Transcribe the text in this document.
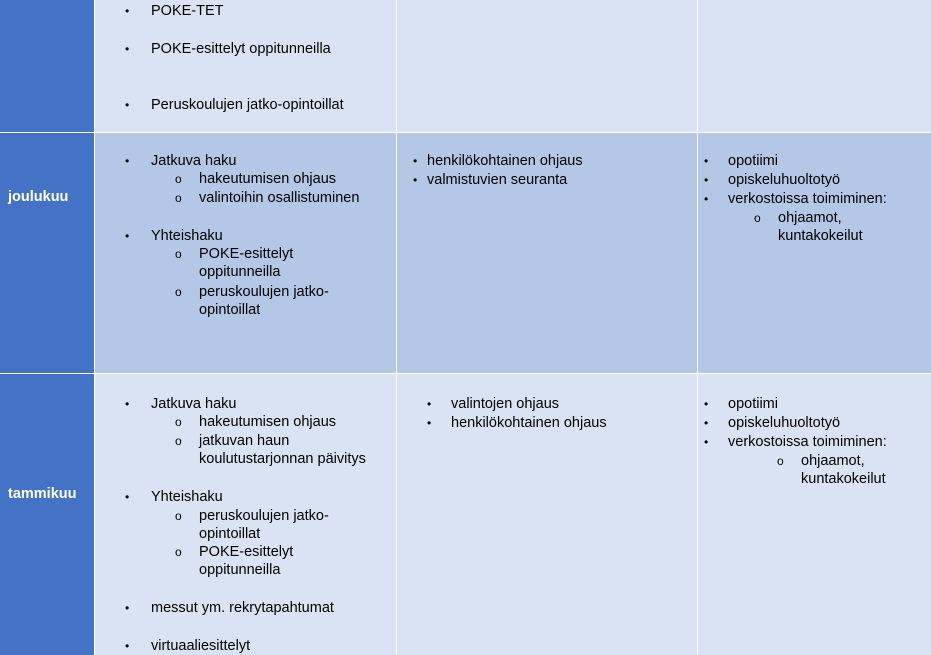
• POKE-TET
• POKE-esittelyt oppitunneilla
• Peruskoulujen jatko-opintoillat
joulukuu
• Jatkuva haku
o hakeutumisen ohjaus
o valintoihin osallistuminen
• Yhteishaku
o POKE-esittelyt
oppitunneilla
o peruskoulujen jatko-
opintoillat
• henkilökohtainen ohjaus
• valmistuvien seuranta
• opotiimi
• opiskeluhuoltotyö
• verkostoissa toimiminen:
o ohjaamot,
kuntakokeilut
tammikuu
• Jatkuva haku
o hakeutumisen ohjaus
o jatkuvan haun
koulutustarjonnan päivitys
• Yhteishaku
o peruskoulujen jatko-
opintoillat
o POKE-esittelyt
oppitunneilla
• messut ym. rekrytapahtumat
• virtuaaliesittelyt
• valintojen ohjaus
• henkilökohtainen ohjaus
• opotiimi
• opiskeluhuoltotyö
• verkostoissa toimiminen:
o ohjaamot,
kuntakokeilut
